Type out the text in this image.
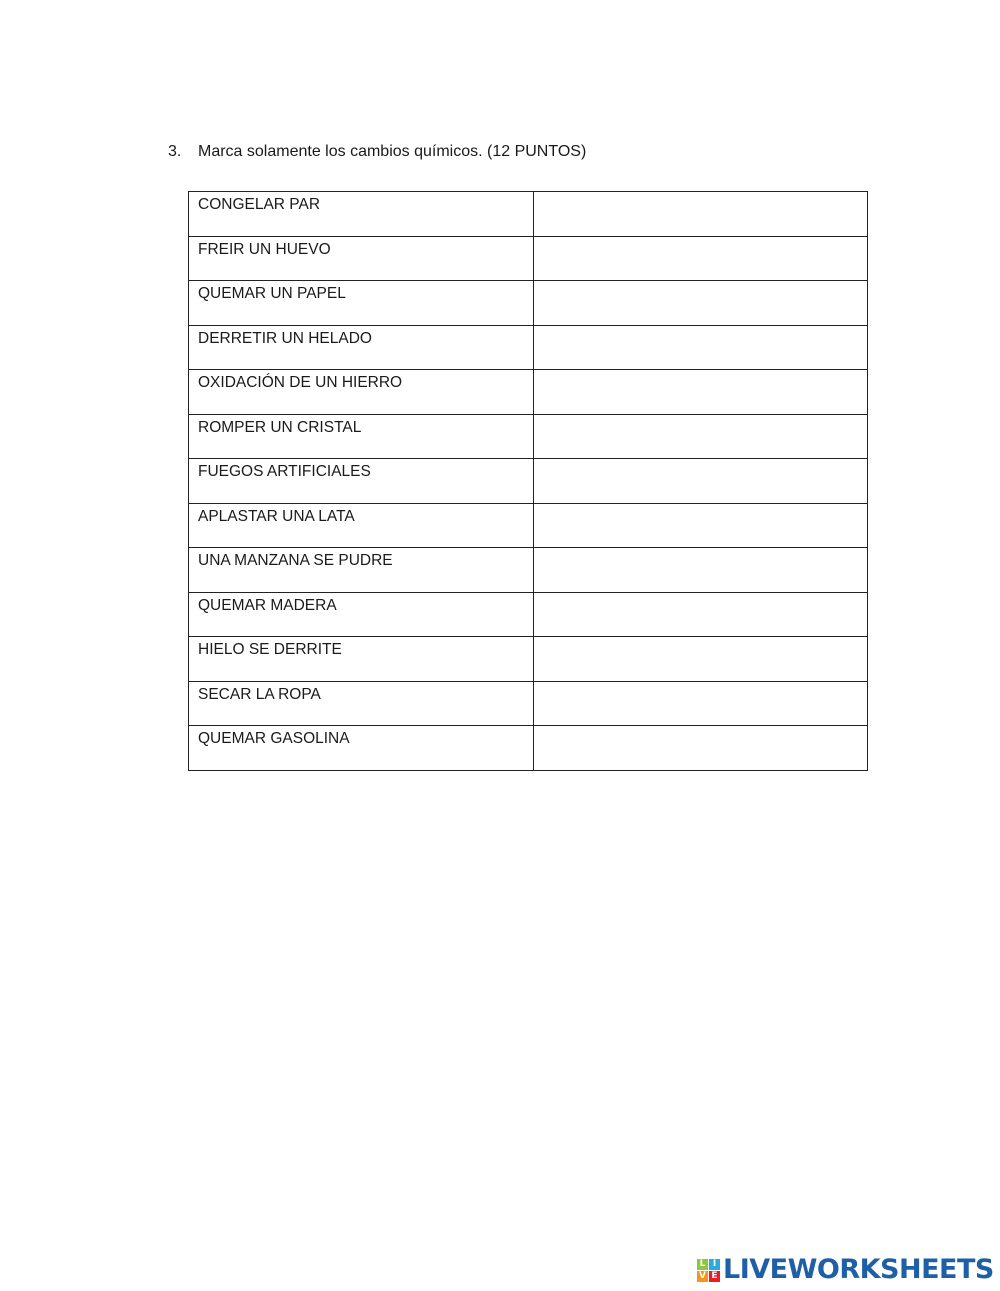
3.	Marca solamente los cambios químicos. (12 PUNTOS)
CONGELAR PAR	

FREIR UN HUEVO	

QUEMAR UN PAPEL	

DERRETIR UN HELADO	

OXIDACIÓN DE UN HIERRO	

ROMPER UN CRISTAL	

FUEGOS ARTIFICIALES	

APLASTAR UNA LATA	

UNA MANZANA SE PUDRE	

QUEMAR MADERA	

HIELO SE DERRITE	

SECAR LA ROPA	

QUEMAR GASOLINA	

L I
V E LIVEWORKSHEETS
